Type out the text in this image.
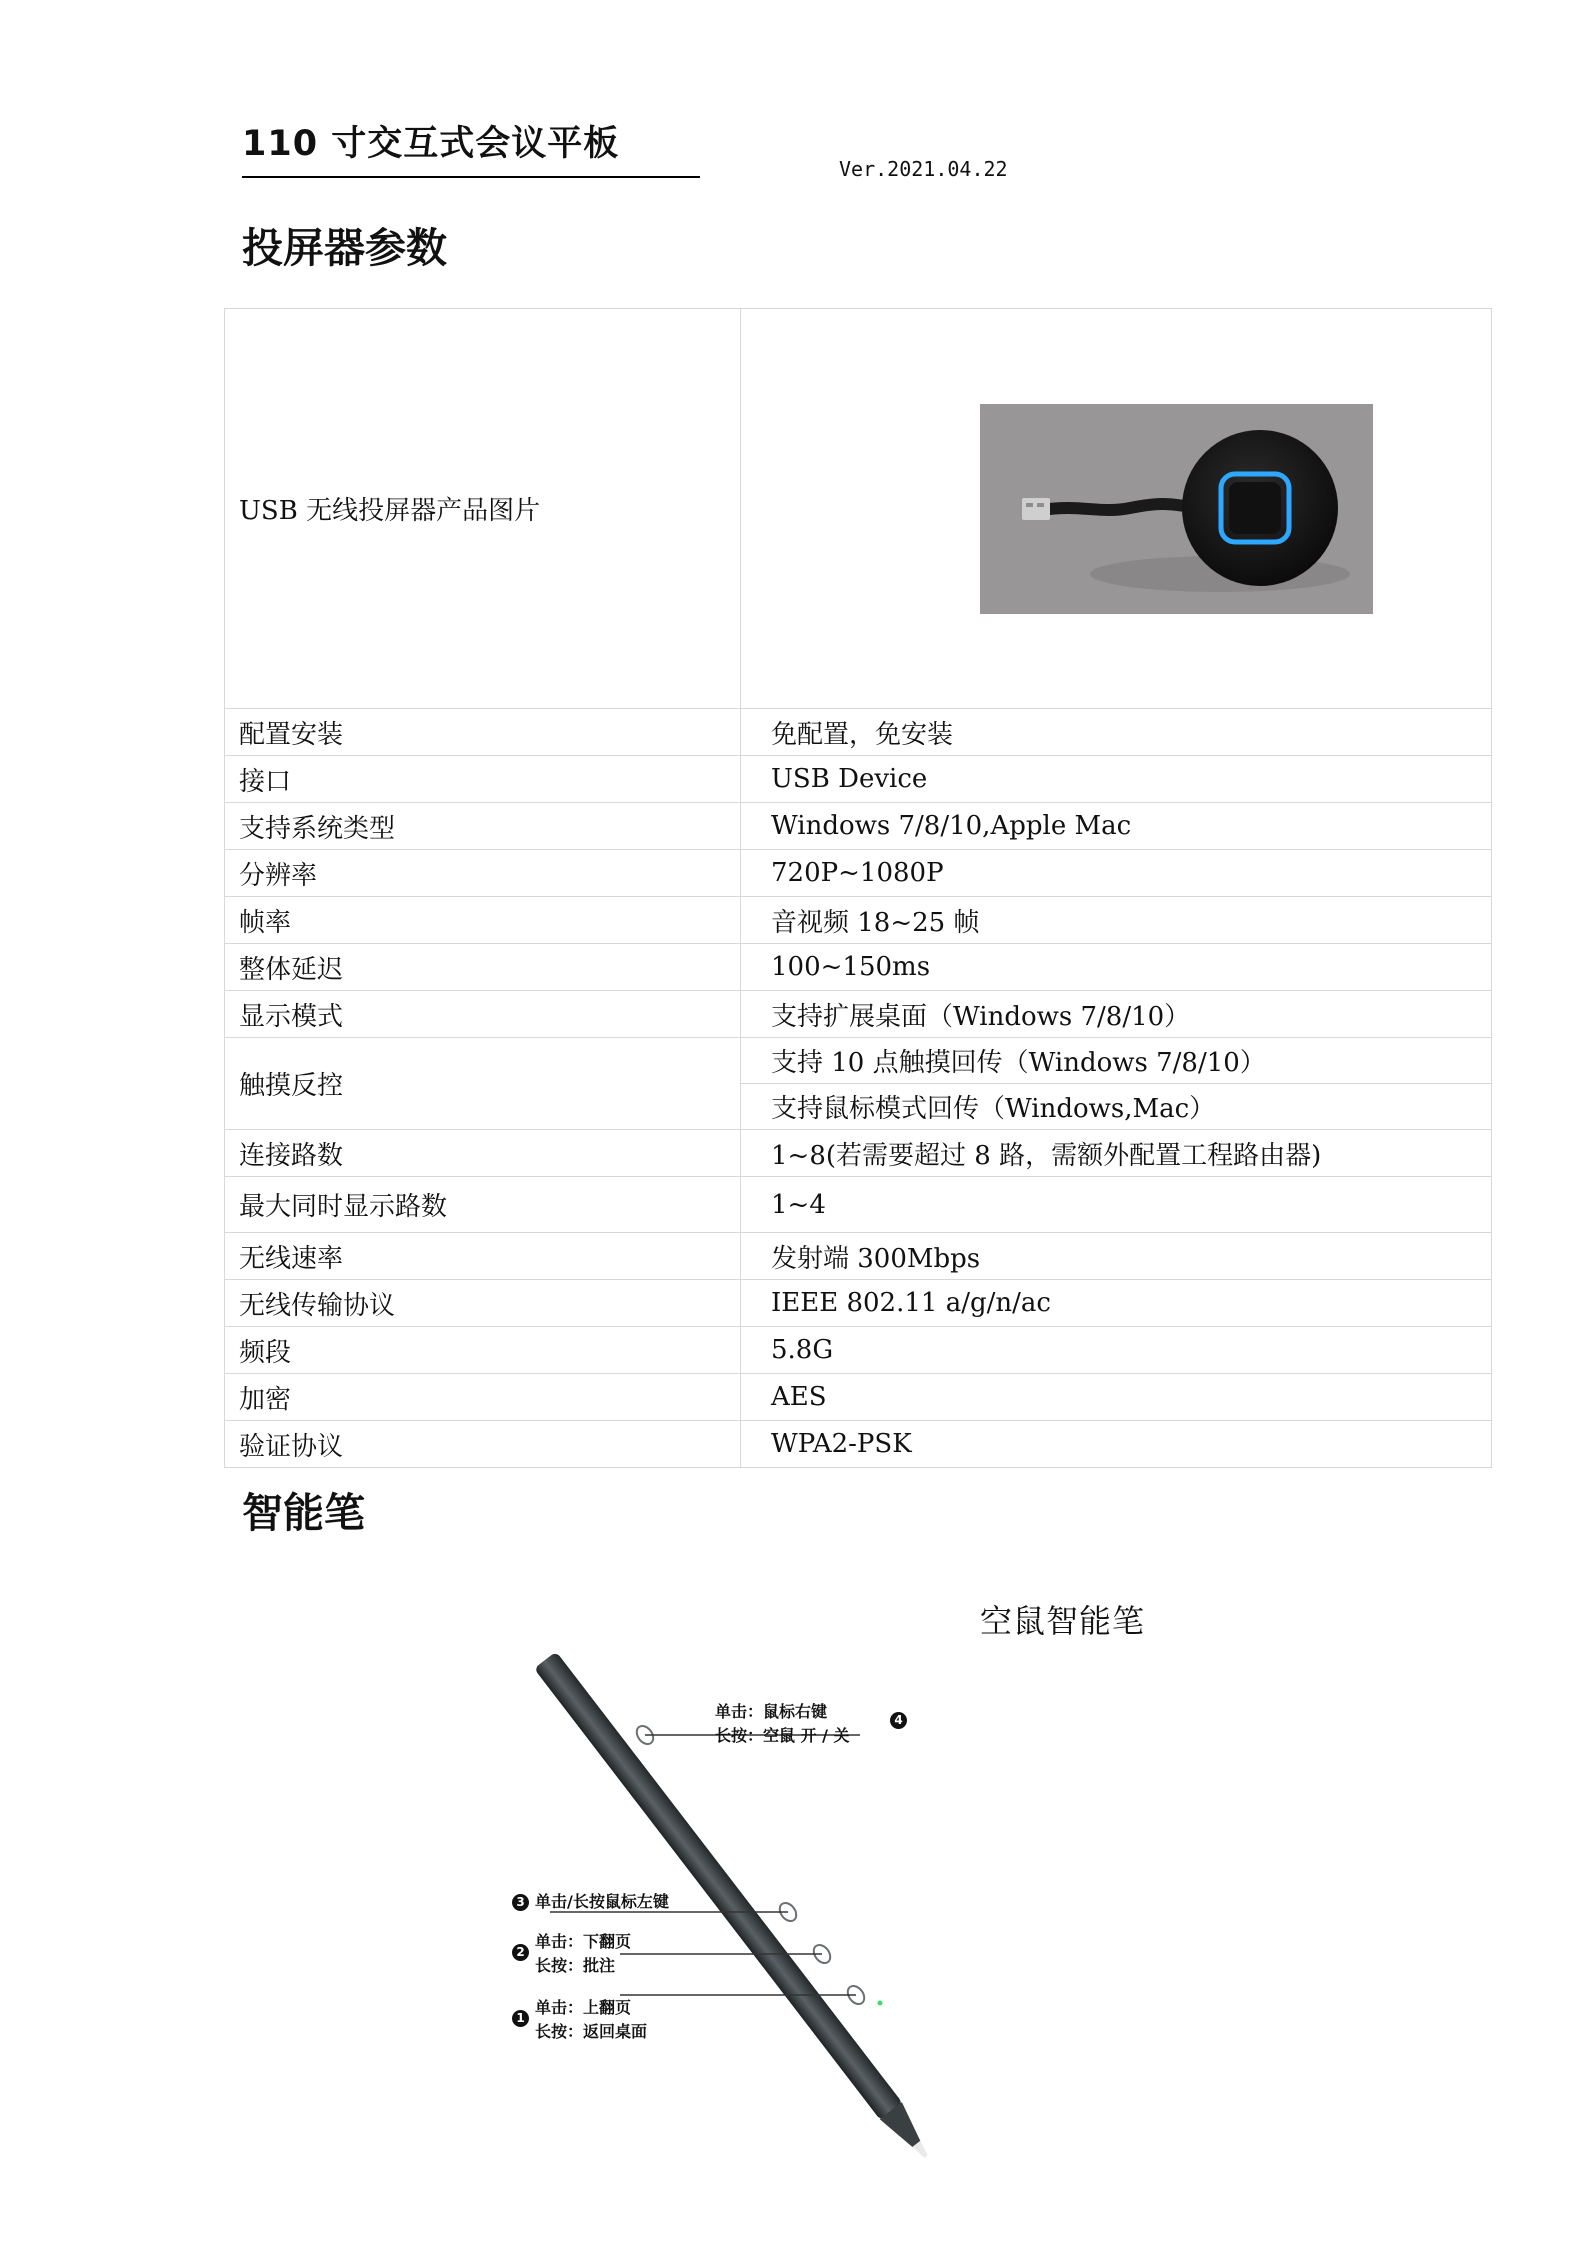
110 寸交互式会议平板
Ver.2021.04.22
投屏器参数
USB 无线投屏器产品图片	

配置安装	免配置，免安装
接口	USB Device
支持系统类型	Windows 7/8/10,Apple Mac
分辨率	720P~1080P
帧率	音视频 18~25 帧
整体延迟	100~150ms
显示模式	支持扩展桌面（Windows 7/8/10）
触摸反控	支持 10 点触摸回传（Windows 7/8/10）
	支持鼠标模式回传（Windows,Mac）
连接路数	1~8(若需要超过 8 路，需额外配置工程路由器)
最大同时显示路数	1~4
无线速率	发射端 300Mbps
无线传输协议	IEEE 802.11 a/g/n/ac
频段	5.8G
加密	AES
验证协议	WPA2-PSK
智能笔
空鼠智能笔
单击：鼠标右键
长按：空鼠 开 / 关
4
单击/长按鼠标左键
3
单击：下翻页
长按：批注
2
单击：上翻页
长按：返回桌面
1
